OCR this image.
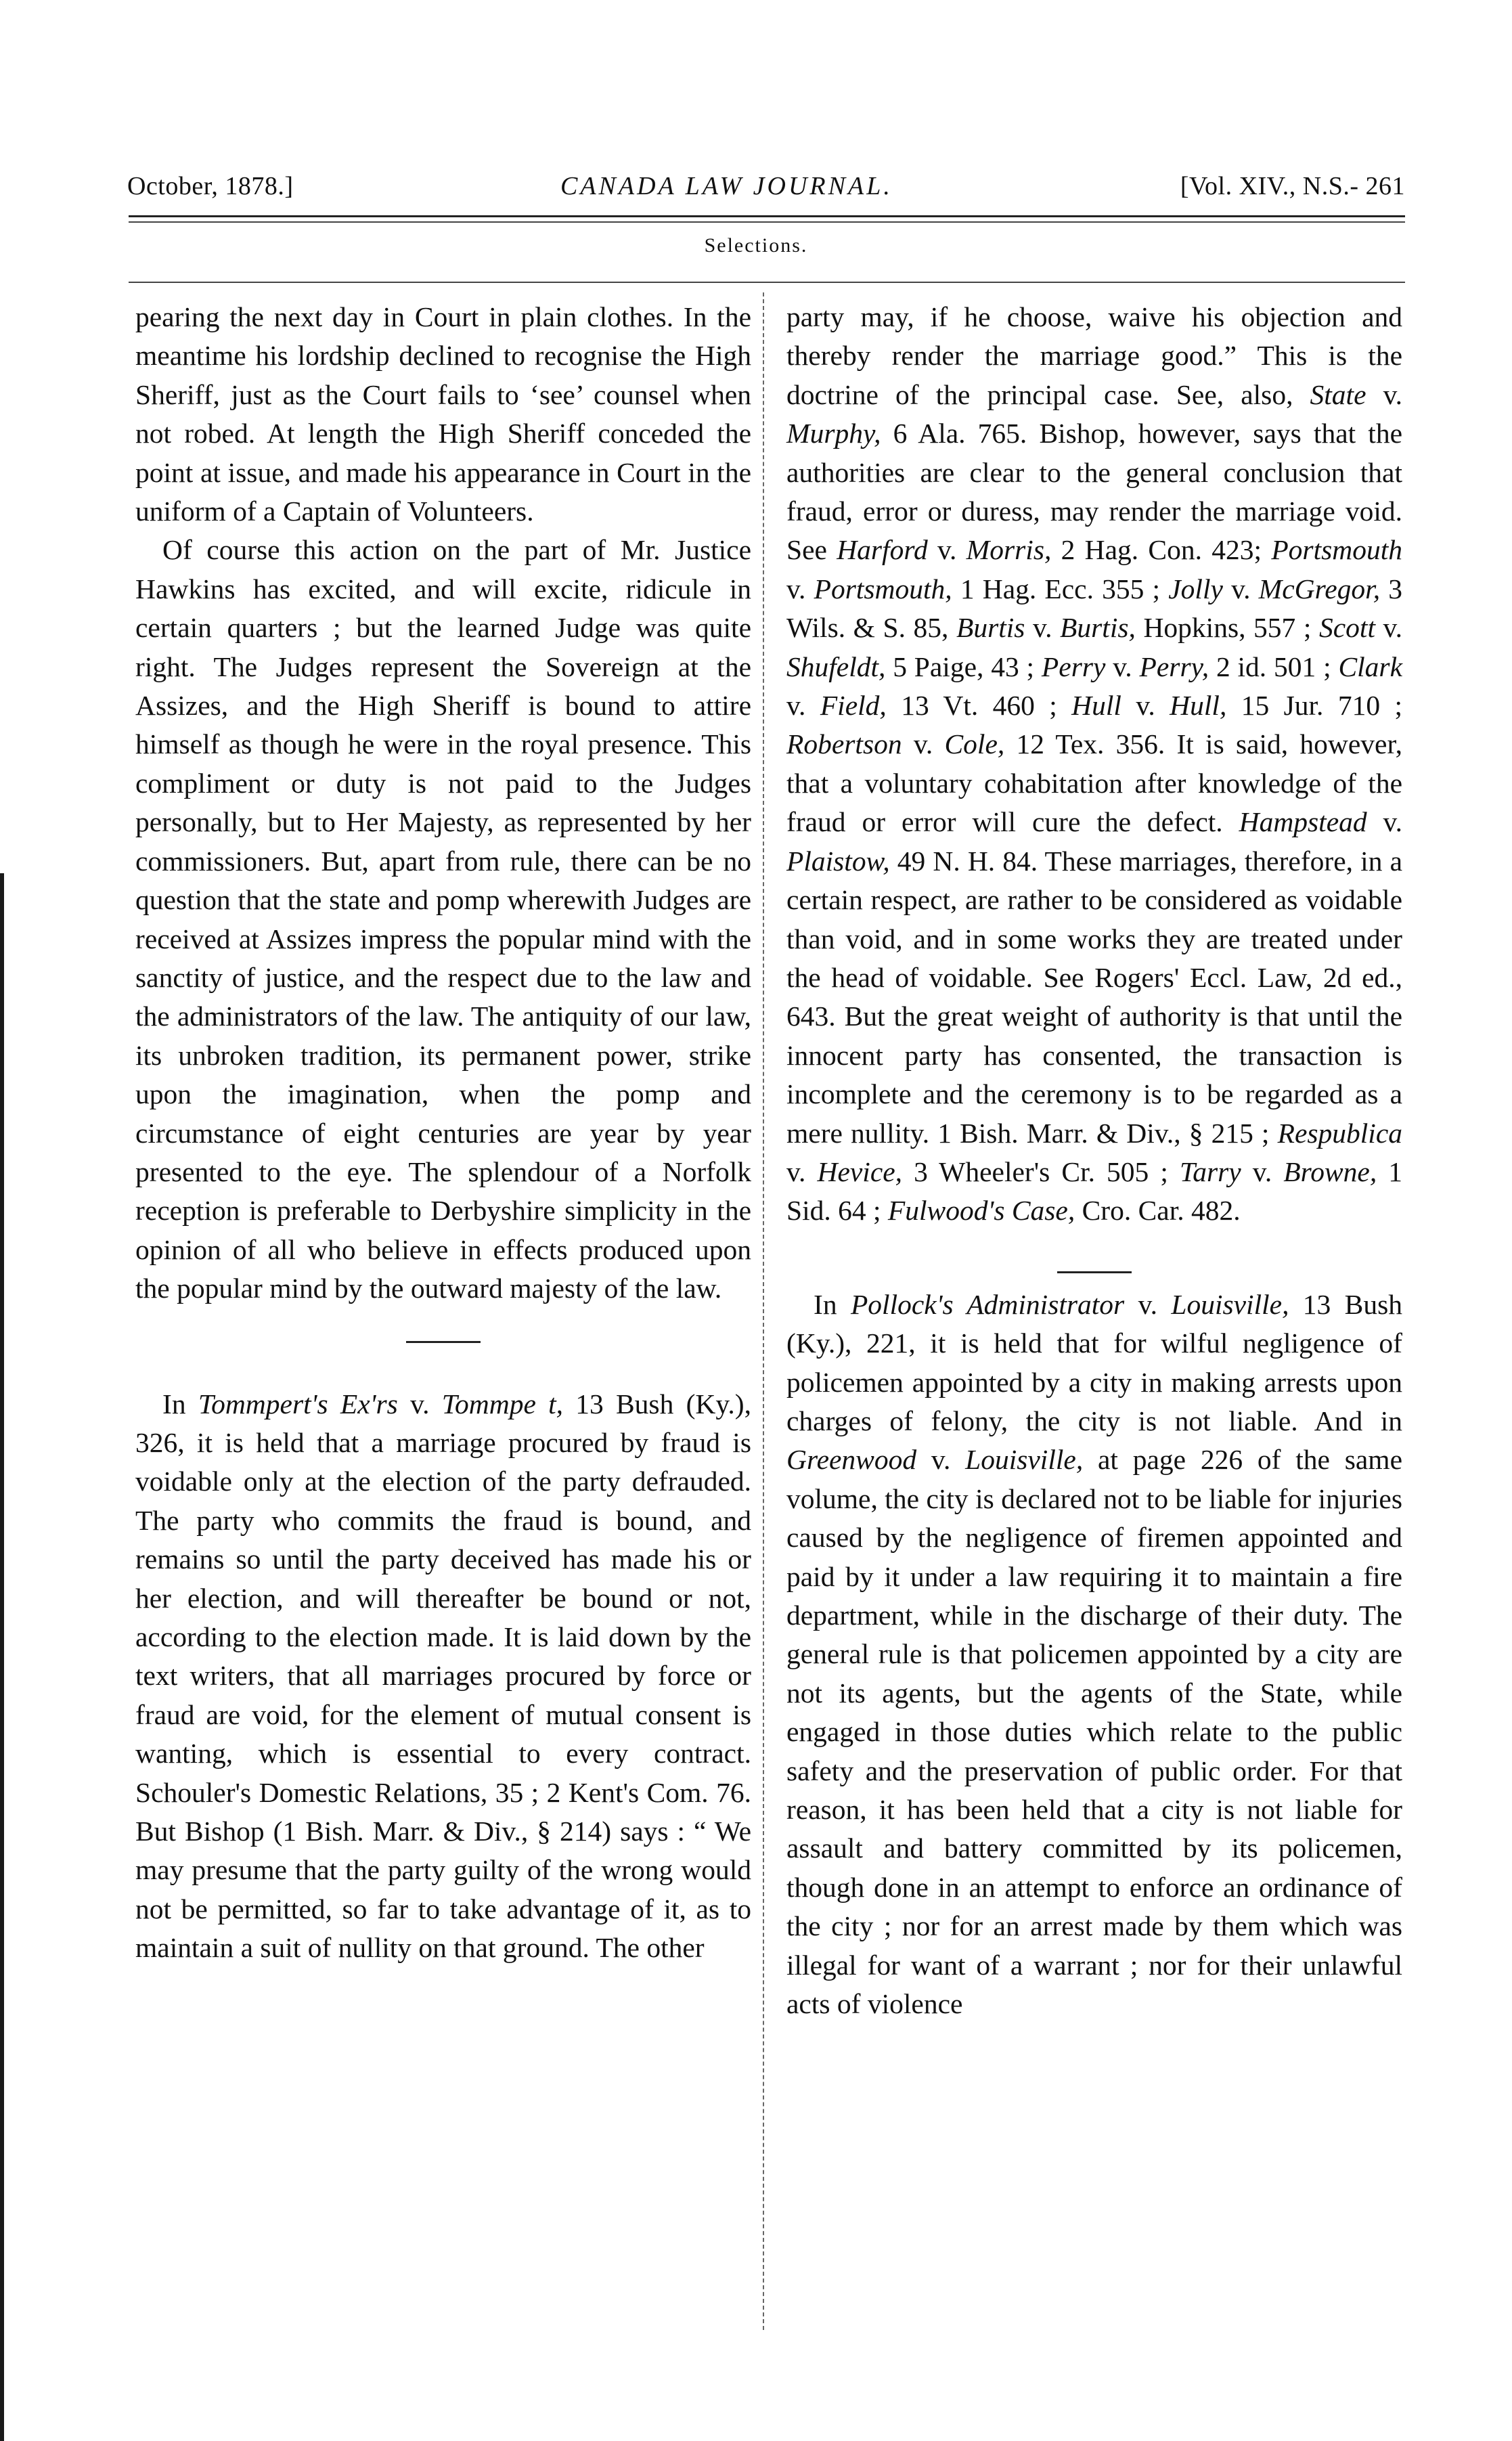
October, 1878.]	CANADA LAW JOURNAL.	[Vol. XIV., N.S.- 261
Selections.

pearing the next day in Court in plain clothes. In the meantime his lordship declined to recognise the High Sheriff, just as the Court fails to ‘see’ counsel when not robed. At length the High Sheriff conceded the point at issue, and made his appearance in Court in the uniform of a Captain of Volunteers.

Of course this action on the part of Mr. Justice Hawkins has excited, and will excite, ridicule in certain quarters ; but the learned Judge was quite right. The Judges represent the Sovereign at the Assizes, and the High Sheriff is bound to attire himself as though he were in the royal presence. This compliment or duty is not paid to the Judges personally, but to Her Majesty, as represented by her commissioners. But, apart from rule, there can be no question that the state and pomp wherewith Judges are received at Assizes impress the popular mind with the sanctity of justice, and the respect due to the law and the administrators of the law. The antiquity of our law, its unbroken tradition, its permanent power, strike upon the imagination, when the pomp and circumstance of eight centuries are year by year presented to the eye. The splendour of a Norfolk reception is preferable to Derbyshire simplicity in the opinion of all who believe in effects produced upon the popular mind by the outward majesty of the law.

In Tommpert's Ex'rs v. Tommpe t, 13 Bush (Ky.), 326, it is held that a marriage procured by fraud is voidable only at the election of the party defrauded. The party who commits the fraud is bound, and remains so until the party deceived has made his or her election, and will thereafter be bound or not, according to the election made. It is laid down by the text writers, that all marriages procured by force or fraud are void, for the element of mutual consent is wanting, which is essential to every contract. Schouler's Domestic Relations, 35 ; 2 Kent's Com. 76. But Bishop (1 Bish. Marr. & Div., § 214) says : “ We may presume that the party guilty of the wrong would not be permitted, so far to take advantage of it, as to maintain a suit of nullity on that ground. The other

party may, if he choose, waive his objection and thereby render the marriage good.” This is the doctrine of the principal case. See, also, State v. Murphy, 6 Ala. 765. Bishop, however, says that the authorities are clear to the general conclusion that fraud, error or duress, may render the marriage void. See Harford v. Morris, 2 Hag. Con. 423; Portsmouth v. Portsmouth, 1 Hag. Ecc. 355 ; Jolly v. McGregor, 3 Wils. & S. 85, Burtis v. Burtis, Hopkins, 557 ; Scott v. Shufeldt, 5 Paige, 43 ; Perry v. Perry, 2 id. 501 ; Clark v. Field, 13 Vt. 460 ; Hull v. Hull, 15 Jur. 710 ; Robertson v. Cole, 12 Tex. 356. It is said, however, that a voluntary cohabitation after knowledge of the fraud or error will cure the defect. Hampstead v. Plaistow, 49 N. H. 84. These marriages, therefore, in a certain respect, are rather to be considered as voidable than void, and in some works they are treated under the head of voidable. See Rogers' Eccl. Law, 2d ed., 643. But the great weight of authority is that until the innocent party has consented, the transaction is incomplete and the ceremony is to be regarded as a mere nullity. 1 Bish. Marr. & Div., § 215 ; Respublica v. Hevice, 3 Wheeler's Cr. 505 ; Tarry v. Browne, 1 Sid. 64 ; Fulwood's Case, Cro. Car. 482.

In Pollock's Administrator v. Louisville, 13 Bush (Ky.), 221, it is held that for wilful negligence of policemen appointed by a city in making arrests upon charges of felony, the city is not liable. And in Greenwood v. Louisville, at page 226 of the same volume, the city is declared not to be liable for injuries caused by the negligence of firemen appointed and paid by it under a law requiring it to maintain a fire department, while in the discharge of their duty. The general rule is that policemen appointed by a city are not its agents, but the agents of the State, while engaged in those duties which relate to the public safety and the preservation of public order. For that reason, it has been held that a city is not liable for assault and battery committed by its policemen, though done in an attempt to enforce an ordinance of the city ; nor for an arrest made by them which was illegal for want of a warrant ; nor for their unlawful acts of violence
